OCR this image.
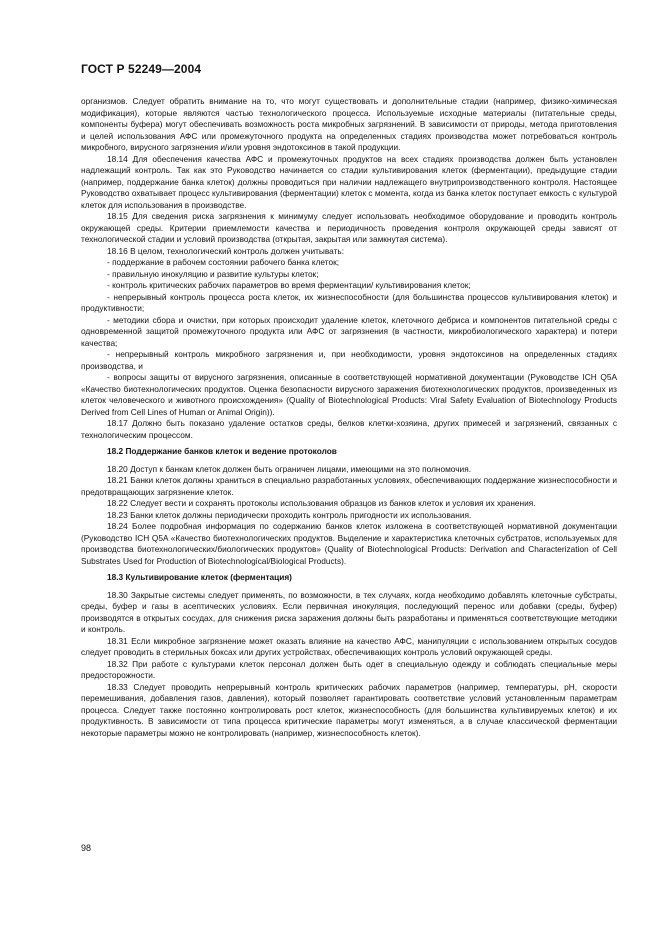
ГОСТ Р 52249—2004

организмов. Следует обратить внимание на то, что могут существовать и дополнительные стадии (например, физико-химическая модификация), которые являются частью технологического процесса. Используемые исходные материалы (питательные среды, компоненты буфера) могут обеспечивать возможность роста микробных загрязнений. В зависимости от природы, метода приготовления и целей использования АФС или промежуточного продукта на определенных стадиях производства может потребоваться контроль микробного, вирусного загрязнения и/или уровня эндотоксинов в такой продукции.

18.14 Для обеспечения качества АФС и промежуточных продуктов на всех стадиях производства должен быть установлен надлежащий контроль. Так как это Руководство начинается со стадии культивирования клеток (ферментации), предыдущие стадии (например, поддержание банка клеток) должны проводиться при наличии надлежащего внутрипроизводственного контроля. Настоящее Руководство охватывает процесс культивирования (ферментации) клеток с момента, когда из банка клеток поступает емкость с культурой клеток для использования в производстве.

18.15 Для сведения риска загрязнения к минимуму следует использовать необходимое оборудование и проводить контроль окружающей среды. Критерии приемлемости качества и периодичность проведения контроля окружающей среды зависят от технологической стадии и условий производства (открытая, закрытая или замкнутая система).

18.16 В целом, технологический контроль должен учитывать:

- поддержание в рабочем состоянии рабочего банка клеток;

- правильную инокуляцию и развитие культуры клеток;

- контроль критических рабочих параметров во время ферментации/ культивирования клеток;

- непрерывный контроль процесса роста клеток, их жизнеспособности (для большинства процессов культивирования клеток) и продуктивности;

- методики сбора и очистки, при которых происходит удаление клеток, клеточного дебриса и компонентов питательной среды с одновременной защитой промежуточного продукта или АФС от загрязнения (в частности, микробиологического характера) и потери качества;

- непрерывный контроль микробного загрязнения и, при необходимости, уровня эндотоксинов на определенных стадиях производства, и

- вопросы защиты от вирусного загрязнения, описанные в соответствующей нормативной документации (Руководстве ICH Q5A «Качество биотехнологических продуктов. Оценка безопасности вирусного заражения биотехнологических продуктов, произведенных из клеток человеческого и животного происхождения» (Quality of Biotechnological Products: Viral Safety Evaluation of Biotechnology Products Derived from Cell Lines of Human or Animal Origin)).

18.17 Должно быть показано удаление остатков среды, белков клетки-хозяина, других примесей и загрязнений, связанных с технологическим процессом.

18.2 Поддержание банков клеток и ведение протоколов

18.20 Доступ к банкам клеток должен быть ограничен лицами, имеющими на это полномочия.

18.21 Банки клеток должны храниться в специально разработанных условиях, обеспечивающих поддержание жизнеспособности и предотвращающих загрязнение клеток.

18.22 Следует вести и сохранять протоколы использования образцов из банков клеток и условия их хранения.

18.23 Банки клеток должны периодически проходить контроль пригодности их использования.

18.24 Более подробная информация по содержанию банков клеток изложена в соответствующей нормативной документации (Руководство ICH Q5A «Качество биотехнологических продуктов. Выделение и характеристика клеточных субстратов, используемых для производства биотехнологических/биологических продуктов» (Quality of Biotechnological Products: Derivation and Characterization of Cell Substrates Used for Production of Biotechnological/Biological Products).

18.3 Культивирование клеток (ферментация)

18.30 Закрытые системы следует применять, по возможности, в тех случаях, когда необходимо добавлять клеточные субстраты, среды, буфер и газы в асептических условиях. Если первичная инокуляция, последующий перенос или добавки (среды, буфер) производятся в открытых сосудах, для снижения риска заражения должны быть разработаны и применяться соответствующие методики и контроль.

18.31 Если микробное загрязнение может оказать влияние на качество АФС, манипуляции с использованием открытых сосудов следует проводить в стерильных боксах или других устройствах, обеспечивающих контроль условий окружающей среды.

18.32 При работе с культурами клеток персонал должен быть одет в специальную одежду и соблюдать специальные меры предосторожности.

18.33 Следует проводить непрерывный контроль критических рабочих параметров (например, температуры, рН, скорости перемешивания, добавления газов, давления), который позволяет гарантировать соответствие условий установленным параметрам процесса. Следует также постоянно контролировать рост клеток, жизнеспособность (для большинства культивируемых клеток) и их продуктивность. В зависимости от типа процесса критические параметры могут изменяться, а в случае классической ферментации некоторые параметры можно не контролировать (например, жизнеспособность клеток).

98
